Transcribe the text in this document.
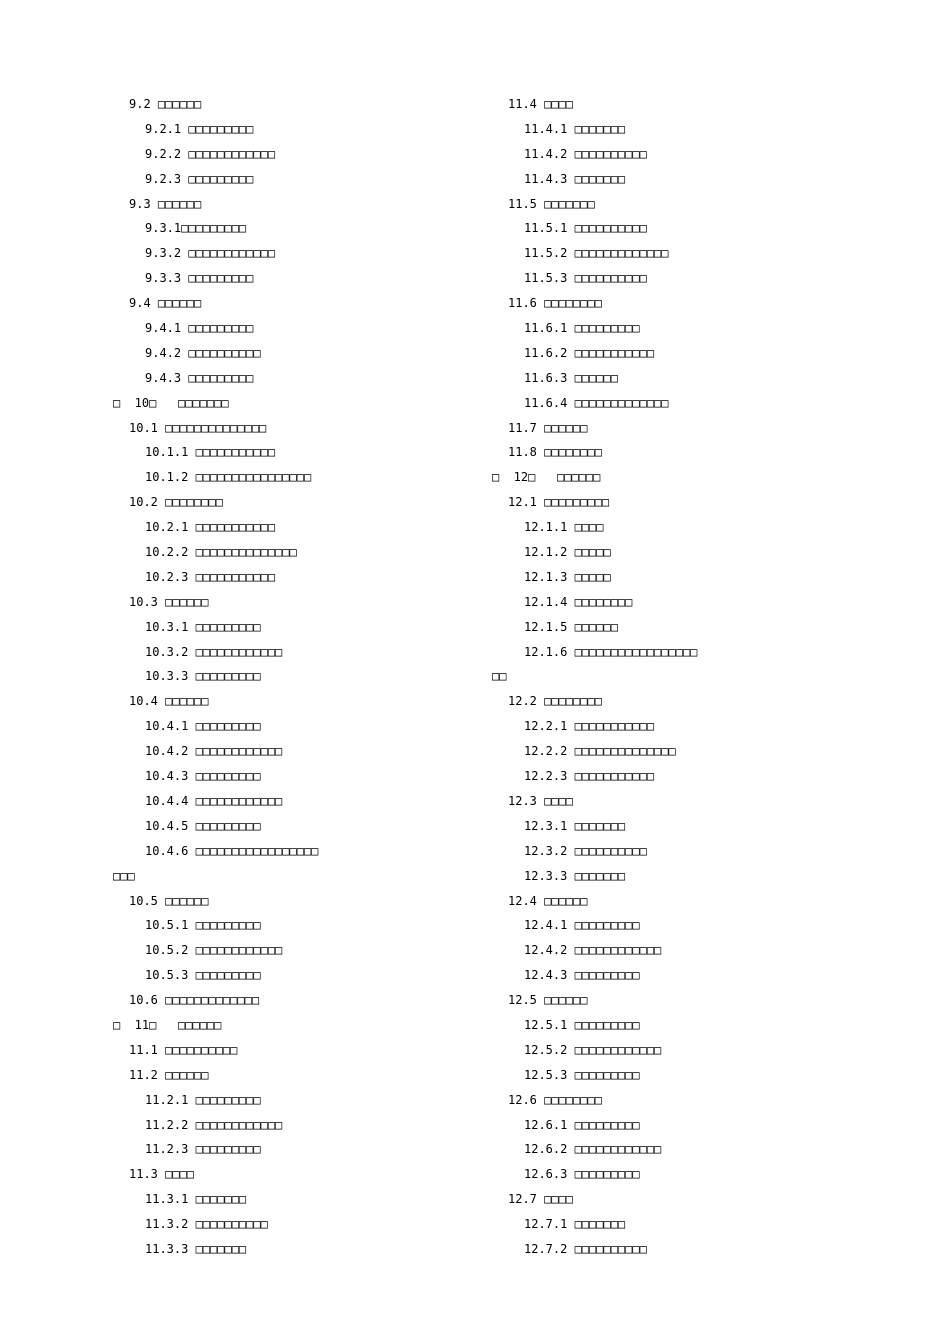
9.2 □□□□□□
9.2.1 □□□□□□□□□
9.2.2 □□□□□□□□□□□□
9.2.3 □□□□□□□□□
9.3 □□□□□□
9.3.1□□□□□□□□□
9.3.2 □□□□□□□□□□□□
9.3.3 □□□□□□□□□
9.4 □□□□□□
9.4.1 □□□□□□□□□
9.4.2 □□□□□□□□□□
9.4.3 □□□□□□□□□
□  10□   □□□□□□□
10.1 □□□□□□□□□□□□□□
10.1.1 □□□□□□□□□□□
10.1.2 □□□□□□□□□□□□□□□□
10.2 □□□□□□□□
10.2.1 □□□□□□□□□□□
10.2.2 □□□□□□□□□□□□□□
10.2.3 □□□□□□□□□□□
10.3 □□□□□□
10.3.1 □□□□□□□□□
10.3.2 □□□□□□□□□□□□
10.3.3 □□□□□□□□□
10.4 □□□□□□
10.4.1 □□□□□□□□□
10.4.2 □□□□□□□□□□□□
10.4.3 □□□□□□□□□
10.4.4 □□□□□□□□□□□□
10.4.5 □□□□□□□□□
10.4.6 □□□□□□□□□□□□□□□□□
□□□
10.5 □□□□□□
10.5.1 □□□□□□□□□
10.5.2 □□□□□□□□□□□□
10.5.3 □□□□□□□□□
10.6 □□□□□□□□□□□□□
□  11□   □□□□□□
11.1 □□□□□□□□□□
11.2 □□□□□□
11.2.1 □□□□□□□□□
11.2.2 □□□□□□□□□□□□
11.2.3 □□□□□□□□□
11.3 □□□□
11.3.1 □□□□□□□
11.3.2 □□□□□□□□□□
11.3.3 □□□□□□□
11.4 □□□□
11.4.1 □□□□□□□
11.4.2 □□□□□□□□□□
11.4.3 □□□□□□□
11.5 □□□□□□□
11.5.1 □□□□□□□□□□
11.5.2 □□□□□□□□□□□□□
11.5.3 □□□□□□□□□□
11.6 □□□□□□□□
11.6.1 □□□□□□□□□
11.6.2 □□□□□□□□□□□
11.6.3 □□□□□□
11.6.4 □□□□□□□□□□□□□
11.7 □□□□□□
11.8 □□□□□□□□
□  12□   □□□□□□
12.1 □□□□□□□□□
12.1.1 □□□□
12.1.2 □□□□□
12.1.3 □□□□□
12.1.4 □□□□□□□□
12.1.5 □□□□□□
12.1.6 □□□□□□□□□□□□□□□□□
□□
12.2 □□□□□□□□
12.2.1 □□□□□□□□□□□
12.2.2 □□□□□□□□□□□□□□
12.2.3 □□□□□□□□□□□
12.3 □□□□
12.3.1 □□□□□□□
12.3.2 □□□□□□□□□□
12.3.3 □□□□□□□
12.4 □□□□□□
12.4.1 □□□□□□□□□
12.4.2 □□□□□□□□□□□□
12.4.3 □□□□□□□□□
12.5 □□□□□□
12.5.1 □□□□□□□□□
12.5.2 □□□□□□□□□□□□
12.5.3 □□□□□□□□□
12.6 □□□□□□□□
12.6.1 □□□□□□□□□
12.6.2 □□□□□□□□□□□□
12.6.3 □□□□□□□□□
12.7 □□□□
12.7.1 □□□□□□□
12.7.2 □□□□□□□□□□
